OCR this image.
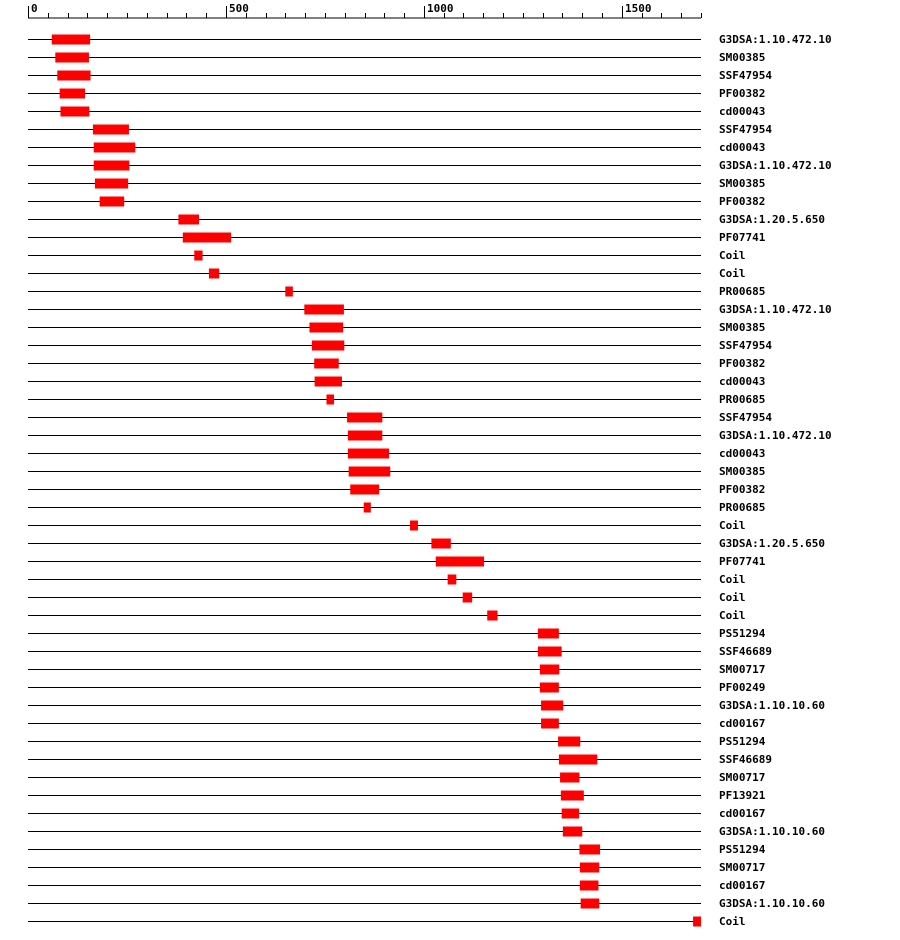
0	500	1000	1500
G3DSA:1.10.472.10
SM00385
SSF47954
PF00382
cd00043
SSF47954
cd00043
G3DSA:1.10.472.10
SM00385
PF00382
G3DSA:1.20.5.650
PF07741
Coil
Coil
PR00685
G3DSA:1.10.472.10
SM00385
SSF47954
PF00382
cd00043
PR00685
SSF47954
G3DSA:1.10.472.10
cd00043
SM00385
PF00382
PR00685
Coil
G3DSA:1.20.5.650
PF07741
Coil
Coil
Coil
PS51294
SSF46689
SM00717
PF00249
G3DSA:1.10.10.60
cd00167
PS51294
SSF46689
SM00717
PF13921
cd00167
G3DSA:1.10.10.60
PS51294
SM00717
cd00167
G3DSA:1.10.10.60
Coil
